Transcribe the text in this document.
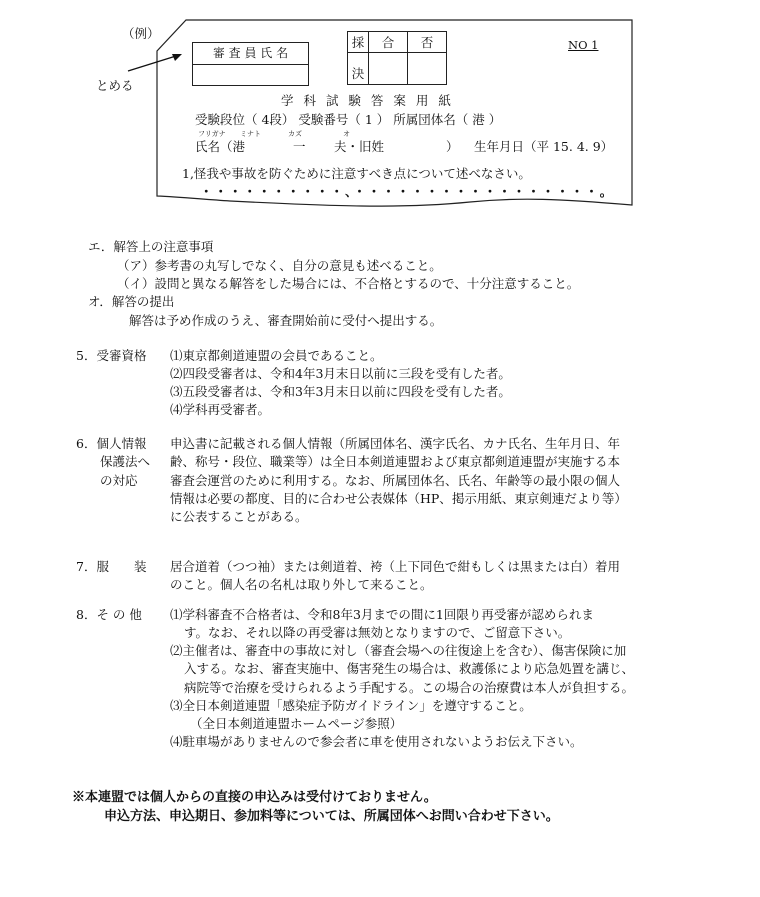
（例）
とめる
審 査 員 氏 名
採	合	否
決		
NO 1
学 科 試 験 答 案 用 紙
受験段位（ 4段） 受験番号（ 1 ） 所属団体名（ 港 ）
フリガナ ミナト	カズ	オ
氏名（港	一 夫・旧姓	） 生年月日（平 15. 4. 9）
1,怪我や事故を防ぐために注意すべき点について述べなさい。
・・・・・・・・・・、・・・・・・・・・・・・・・・・・。
エ．解答上の注意事項
（ア）参考書の丸写しでなく、自分の意見も述べること。
（イ）設問と異なる解答をした場合には、不合格とするので、十分注意すること。
オ．解答の提出
解答は予め作成のうえ、審査開始前に受付へ提出する。
5．受審資格 ⑴東京都剣道連盟の会員であること。
⑵四段受審者は、令和4年3月末日以前に三段を受有した者。
⑶五段受審者は、令和3年3月末日以前に四段を受有した者。
⑷学科再受審者。
6．個人情報
保護法へ
の対応
申込書に記載される個人情報（所属団体名、漢字氏名、カナ氏名、生年月日、年
齢、称号・段位、職業等）は全日本剣道連盟および東京都剣道連盟が実施する本
審査会運営のために利用する。なお、所属団体名、氏名、年齢等の最小限の個人
情報は必要の都度、目的に合わせ公表媒体（HP、掲示用紙、東京剣連だより等）
に公表することがある。
7．服　　装 居合道着（つつ袖）または剣道着、袴（上下同色で紺もしくは黒または白）着用
のこと。個人名の名札は取り外して来ること。
8．そ の 他 ⑴学科審査不合格者は、令和8年3月までの間に1回限り再受審が認められま
す。なお、それ以降の再受審は無効となりますので、ご留意下さい。
⑵主催者は、審査中の事故に対し（審査会場への往復途上を含む）、傷害保険に加
入する。なお、審査実施中、傷害発生の場合は、救護係により応急処置を講じ、
病院等で治療を受けられるよう手配する。この場合の治療費は本人が負担する。
⑶全日本剣道連盟「感染症予防ガイドライン」を遵守すること。
（全日本剣道連盟ホームページ参照）
⑷駐車場がありませんので参会者に車を使用されないようお伝え下さい。
※本連盟では個人からの直接の申込みは受付けておりません。
申込方法、申込期日、参加料等については、所属団体へお問い合わせ下さい。
